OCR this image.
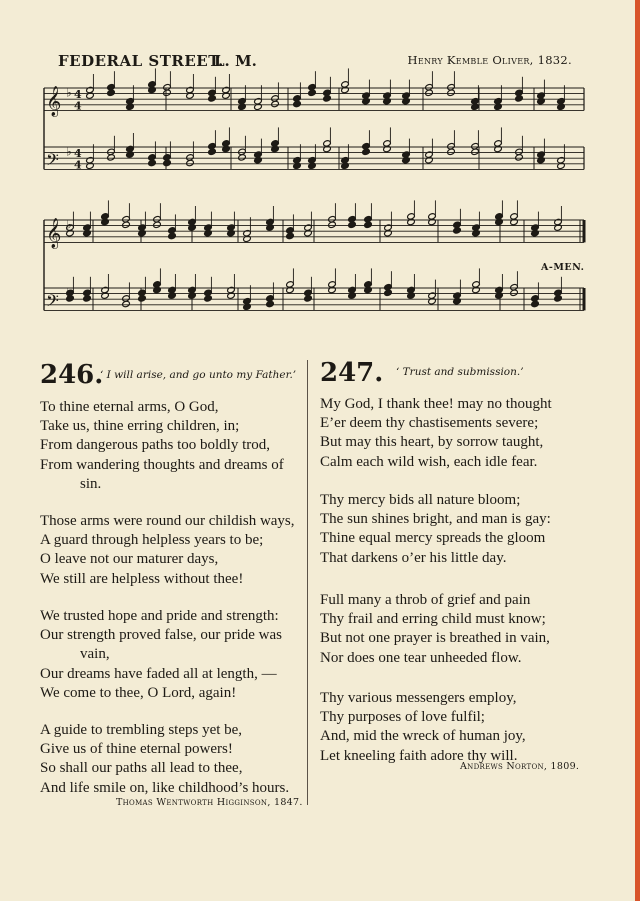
FEDERAL STREET.
L. M.	Henry Kemble Oliver, 1832.
𝄞 4
4
♭
𝄢 4
4
♭
𝄞 ♭
𝄢
A-MEN.
246.
‘ I will arise, and go unto my Father.’
To thine eternal arms, O God,
Take us, thine erring children, in;
From dangerous paths too boldly trod,
From wandering thoughts and dreams of
sin.
Those arms were round our childish ways,
A guard through helpless years to be;
O leave not our maturer days,
We still are helpless without thee!
We trusted hope and pride and strength:
Our strength proved false, our pride was
vain,
Our dreams have faded all at length, —
We come to thee, O Lord, again!
A guide to trembling steps yet be,
Give us of thine eternal powers!
So shall our paths all lead to thee,
And life smile on, like childhood’s hours.
Thomas Wentworth Higginson, 1847.
247. ‘ Trust and submission.’
My God, I thank thee! may no thought
E’er deem thy chastisements severe;
But may this heart, by sorrow taught,
Calm each wild wish, each idle fear.
Thy mercy bids all nature bloom;
The sun shines bright, and man is gay:
Thine equal mercy spreads the gloom
That darkens o’er his little day.
Full many a throb of grief and pain
Thy frail and erring child must know;
But not one prayer is breathed in vain,
Nor does one tear unheeded flow.
Thy various messengers employ,
Thy purposes of love fulfil;
And, mid the wreck of human joy,
Let kneeling faith adore thy will.
Andrews Norton, 1809.
